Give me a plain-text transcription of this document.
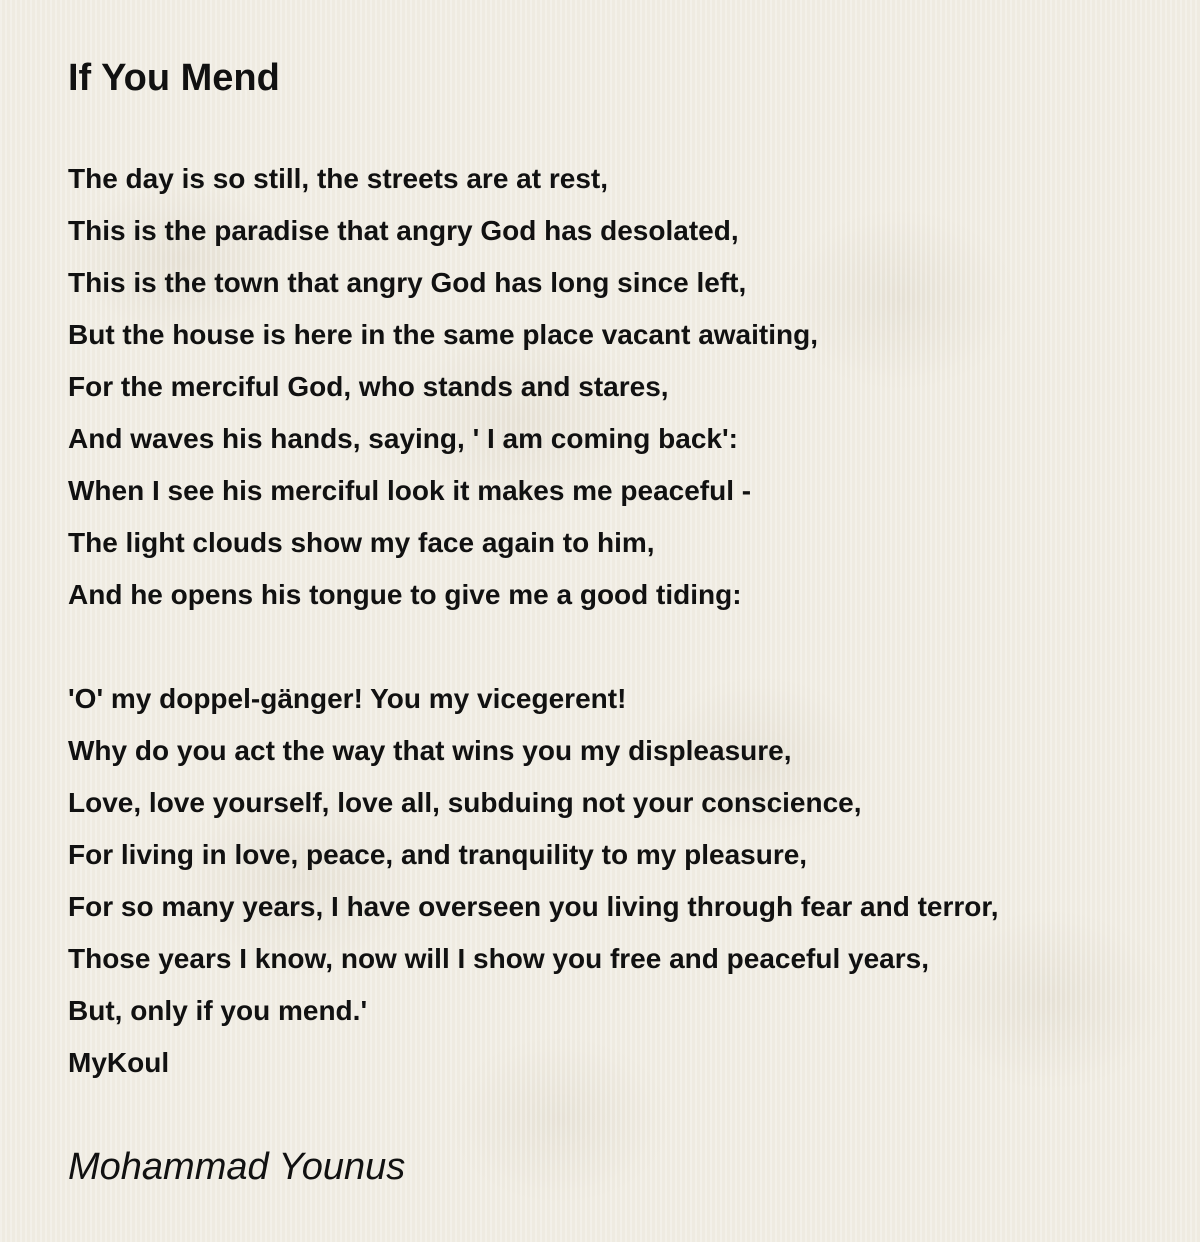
If You Mend

The day is so still, the streets are at rest,
This is the paradise that angry God has desolated,
This is the town that angry God has long since left,
But the house is here in the same place vacant awaiting,
For the merciful God, who stands and stares,
And waves his hands, saying, ' I am coming back':
When I see his merciful look it makes me peaceful -
The light clouds show my face again to him,
And he opens his tongue to give me a good tiding:

'O' my doppel-gänger! You my vicegerent!
Why do you act the way that wins you my displeasure,
Love, love yourself, love all, subduing not your conscience,
For living in love, peace, and tranquility to my pleasure,
For so many years, I have overseen you living through fear and terror,
Those years I know, now will I show you free and peaceful years,
But, only if you mend.'
MyKoul

Mohammad Younus
